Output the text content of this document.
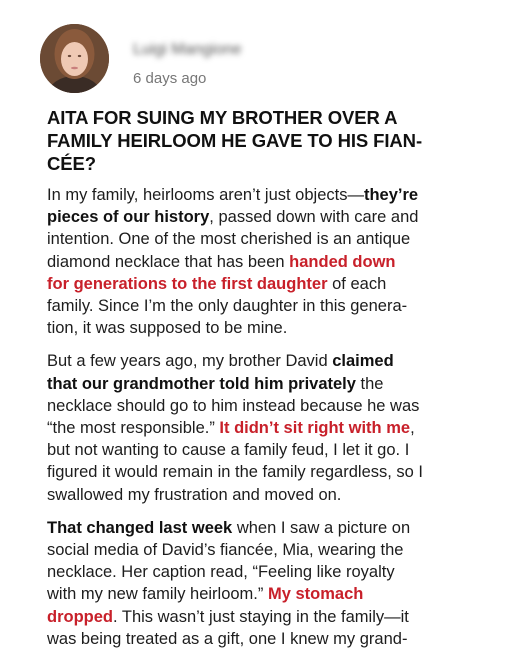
Luigi Mangione
6 days ago
AITA FOR SUING MY BROTHER OVER A
FAMILY HEIRLOOM HE GAVE TO HIS FIAN-
CÉE?

In my family, heirlooms aren’t just objects—they’re
pieces of our history, passed down with care and
intention. One of the most cherished is an antique
diamond necklace that has been handed down
for generations to the first daughter of each
family. Since I’m the only daughter in this genera-
tion, it was supposed to be mine.

But a few years ago, my brother David claimed
that our grandmother told him privately the
necklace should go to him instead because he was
“the most responsible.” It didn’t sit right with me,
but not wanting to cause a family feud, I let it go. I
figured it would remain in the family regardless, so I
swallowed my frustration and moved on.

That changed last week when I saw a picture on
social media of David’s fiancée, Mia, wearing the
necklace. Her caption read, “Feeling like royalty
with my new family heirloom.” My stomach
dropped. This wasn’t just staying in the family—it
was being treated as a gift, one I knew my grand-
